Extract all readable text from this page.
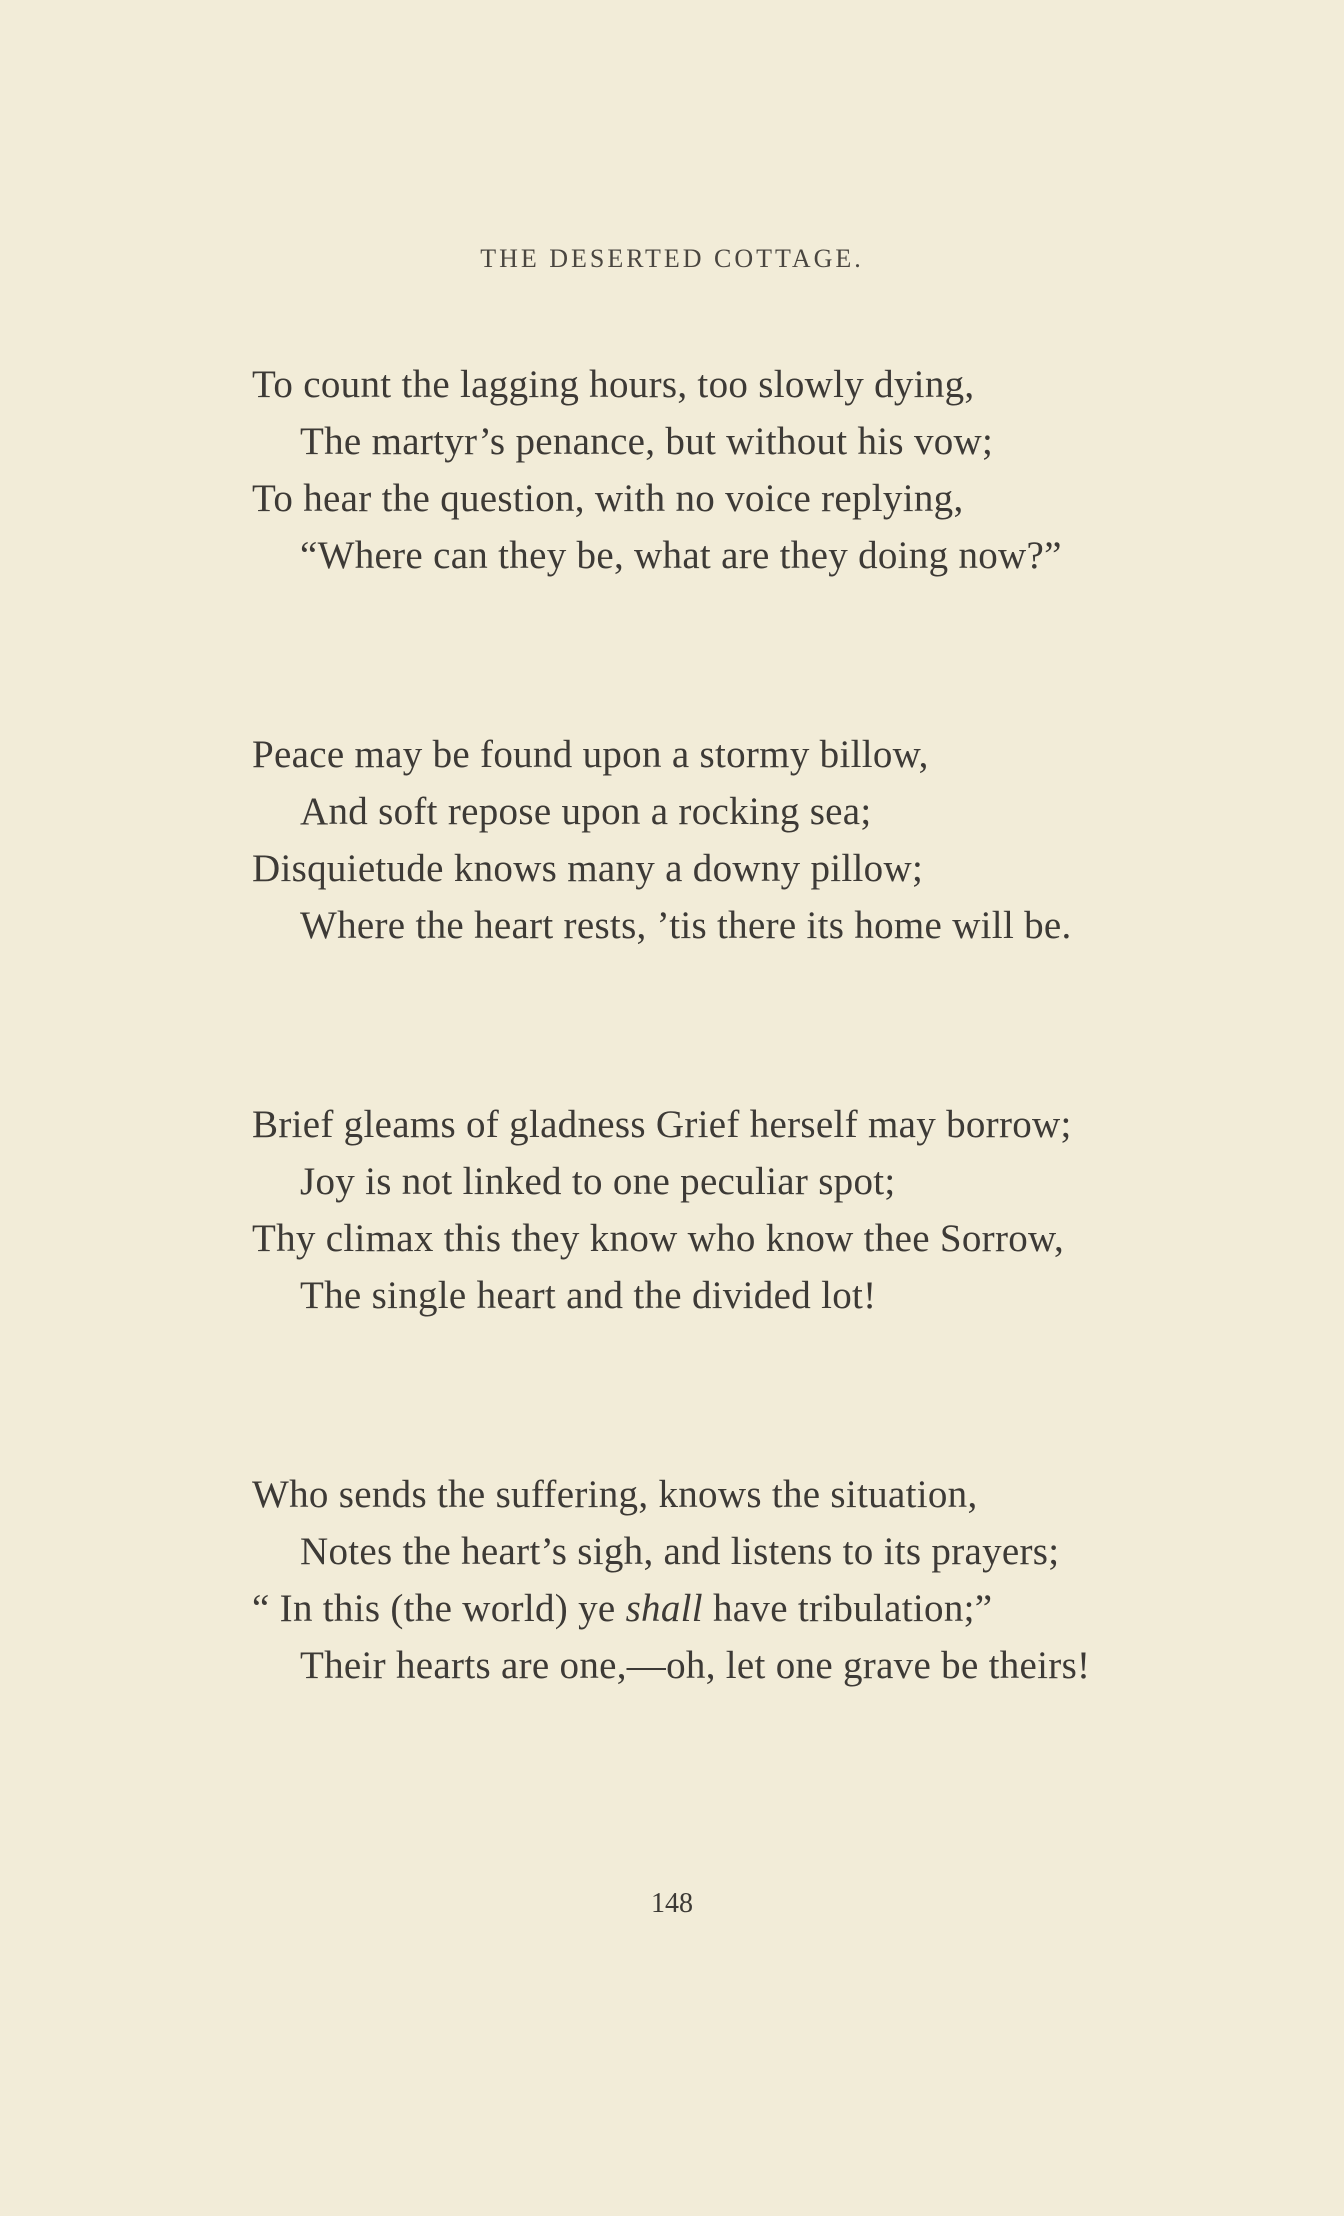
THE DESERTED COTTAGE.
To count the lagging hours, too slowly dying,
The martyr’s penance, but without his vow;
To hear the question, with no voice replying,
“Where can they be, what are they doing now?”
Peace may be found upon a stormy billow,
And soft repose upon a rocking sea;
Disquietude knows many a downy pillow;
Where the heart rests, ’tis there its home will be.
Brief gleams of gladness Grief herself may borrow;
Joy is not linked to one peculiar spot;
Thy climax this they know who know thee Sorrow,
The single heart and the divided lot!
Who sends the suffering, knows the situation,
Notes the heart’s sigh, and listens to its prayers;
“ In this (the world) ye shall have tribulation;”
Their hearts are one,—oh, let one grave be theirs!
148
